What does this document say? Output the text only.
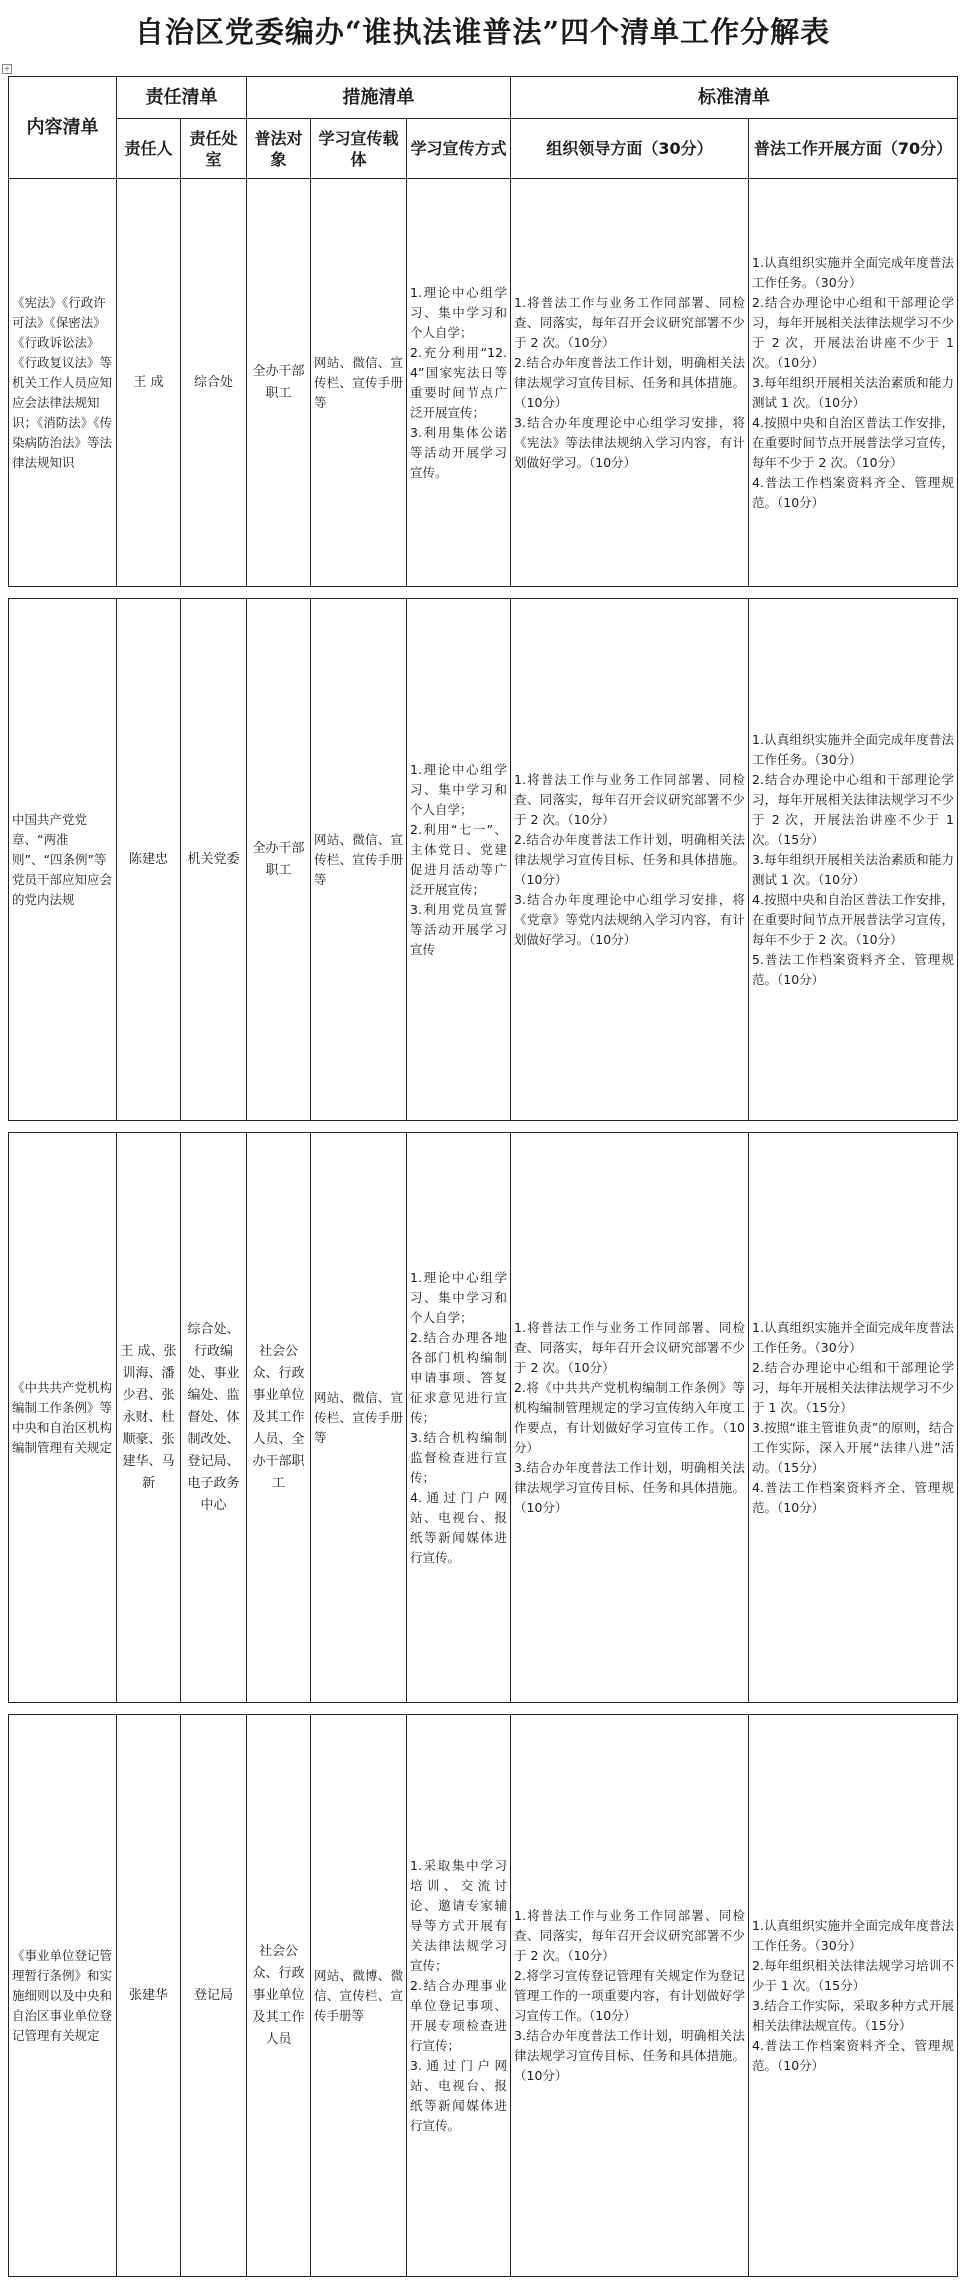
自治区党委编办“谁执法谁普法”四个清单工作分解表
+
内容清单	责任清单		措施清单			标准清单	
	责任人	责任处室	普法对象	学习宣传载体	学习宣传方式	组织领导方面（30分）	普法工作开展方面（70分）
《宪法》《行政许可法》《保密法》《行政诉讼法》《行政复议法》等机关工作人员应知应会法律法规知识；《消防法》《传染病防治法》等法律法规知识	王 成	综合处	全办干部职工	网站、微信、宣传栏、宣传手册等	1.理论中心组学习、集中学习和个人自学；
2.充分利用“12.4”国家宪法日等重要时间节点广泛开展宣传；
3.利用集体公诺等活动开展学习宣传。	1.将普法工作与业务工作同部署、同检查、同落实，每年召开会议研究部署不少于 2 次。（10分）
2.结合办年度普法工作计划，明确相关法律法规学习宣传目标、任务和具体措施。（10分）
3.结合办年度理论中心组学习安排，将《宪法》等法律法规纳入学习内容，有计划做好学习。（10分）	1.认真组织实施并全面完成年度普法工作任务。（30分）
2.结合办理论中心组和干部理论学习，每年开展相关法律法规学习不少于 2 次，开展法治讲座不少于 1 次。（10分）
3.每年组织开展相关法治素质和能力测试 1 次。（10分）
4.按照中央和自治区普法工作安排，在重要时间节点开展普法学习宣传，每年不少于 2 次。（10分）
4.普法工作档案资料齐全、管理规范。（10分）

中国共产党党章、“两准则”、“四条例”等党员干部应知应会的党内法规	陈建忠	机关党委	全办干部职工	网站、微信、宣传栏、宣传手册等	1.理论中心组学习、集中学习和个人自学；
2.利用“七一”、主体党日、党建促进月活动等广泛开展宣传；
3.利用党员宣誓等活动开展学习宣传	1.将普法工作与业务工作同部署、同检查、同落实，每年召开会议研究部署不少于 2 次。（10分）
2.结合办年度普法工作计划，明确相关法律法规学习宣传目标、任务和具体措施。（10分）
3.结合办年度理论中心组学习安排，将《党章》等党内法规纳入学习内容，有计划做好学习。（10分）	1.认真组织实施并全面完成年度普法工作任务。（30分）
2.结合办理论中心组和干部理论学习，每年开展相关法律法规学习不少于 2 次，开展法治讲座不少于 1 次。（15分）
3.每年组织开展相关法治素质和能力测试 1 次。（10分）
4.按照中央和自治区普法工作安排，在重要时间节点开展普法学习宣传，每年不少于 2 次。（10分）
5.普法工作档案资料齐全、管理规范。（10分）

《中共共产党机构编制工作条例》等中央和自治区机构编制管理有关规定	王 成、张训海、潘少君、张永财、杜顺豪、张建华、马 新	综合处、行政编处、事业编处、监督处、体制改处、登记局、电子政务中心	社会公众、行政事业单位及其工作人员、全办干部职工	网站、微信、宣传栏、宣传手册等	1.理论中心组学习、集中学习和个人自学；
2.结合办理各地各部门机构编制申请事项、答复征求意见进行宣传；
3.结合机构编制监督检查进行宣传；
4.通过门户网站、电视台、报纸等新闻媒体进行宣传。	1.将普法工作与业务工作同部署、同检查、同落实，每年召开会议研究部署不少于 2 次。（10分）
2.将《中共共产党机构编制工作条例》等机构编制管理规定的学习宣传纳入年度工作要点，有计划做好学习宣传工作。（10分）
3.结合办年度普法工作计划，明确相关法律法规学习宣传目标、任务和具体措施。（10分）	1.认真组织实施并全面完成年度普法工作任务。（30分）
2.结合办理论中心组和干部理论学习，每年开展相关法律法规学习不少于 1 次。（15分）
3.按照“谁主管谁负责”的原则，结合工作实际，深入开展“法律八进”活动。（15分）
4.普法工作档案资料齐全、管理规范。（10分）

《事业单位登记管理暂行条例》和实施细则以及中央和自治区事业单位登记管理有关规定	张建华	登记局	社会公众、行政事业单位及其工作人员	网站、微博、微信、宣传栏、宣传手册等	1.采取集中学习培训、交流讨论、邀请专家辅导等方式开展有关法律法规学习宣传；
2.结合办理事业单位登记事项、开展专项检查进行宣传；
3.通过门户网站、电视台、报纸等新闻媒体进行宣传。	1.将普法工作与业务工作同部署、同检查、同落实，每年召开会议研究部署不少于 2 次。（10分）
2.将学习宣传登记管理有关规定作为登记管理工作的一项重要内容，有计划做好学习宣传工作。（10分）
3.结合办年度普法工作计划，明确相关法律法规学习宣传目标、任务和具体措施。（10分）	1.认真组织实施并全面完成年度普法工作任务。（30分）
2.每年组织相关法律法规学习培训不少于 1 次。（15分）
3.结合工作实际，采取多种方式开展相关法律法规宣传。（15分）
4.普法工作档案资料齐全、管理规范。（10分）
